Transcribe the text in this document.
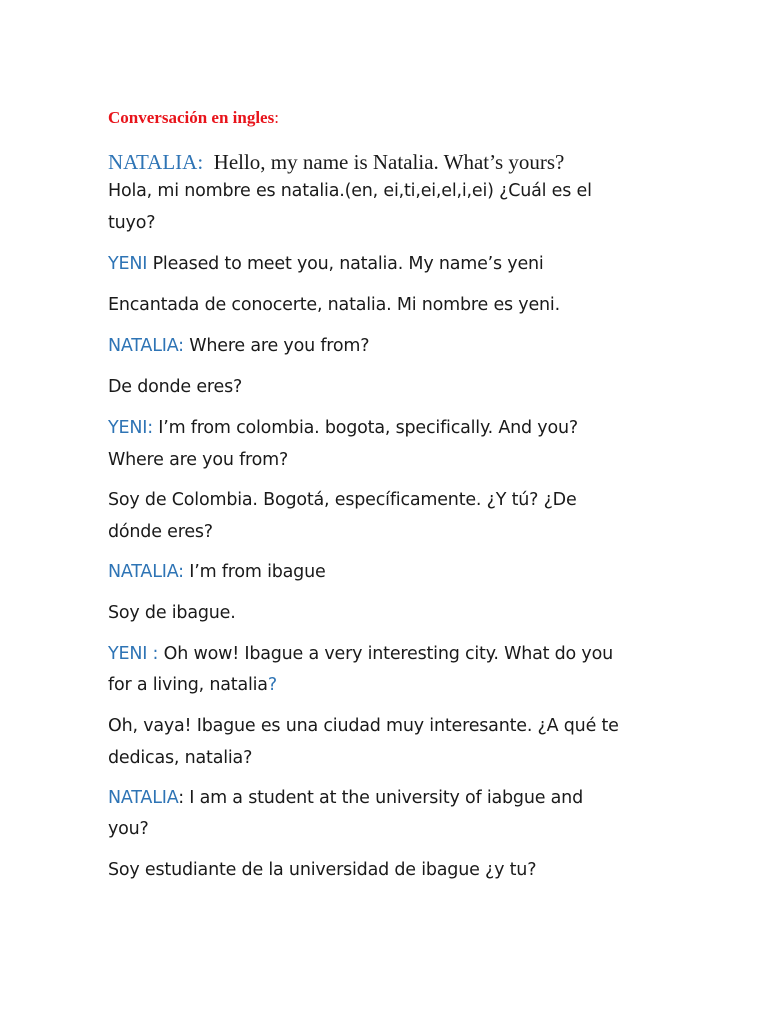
Conversación en ingles:
NATALIA:  Hello, my name is Natalia. What’s yours?
Hola, mi nombre es natalia.(en, ei,ti,ei,el,i,ei) ¿Cuál es el
tuyo?
YENI Pleased to meet you, natalia. My name’s yeni
Encantada de conocerte, natalia. Mi nombre es yeni.
NATALIA: Where are you from?
De donde eres?
YENI: I’m from colombia. bogota, specifically. And you?
Where are you from?
Soy de Colombia. Bogotá, específicamente. ¿Y tú? ¿De
dónde eres?
NATALIA: I’m from ibague
Soy de ibague.
YENI : Oh wow! Ibague a very interesting city. What do you
for a living, natalia?
Oh, vaya! Ibague es una ciudad muy interesante. ¿A qué te
dedicas, natalia?
NATALIA: I am a student at the university of iabgue and
you?
Soy estudiante de la universidad de ibague ¿y tu?
